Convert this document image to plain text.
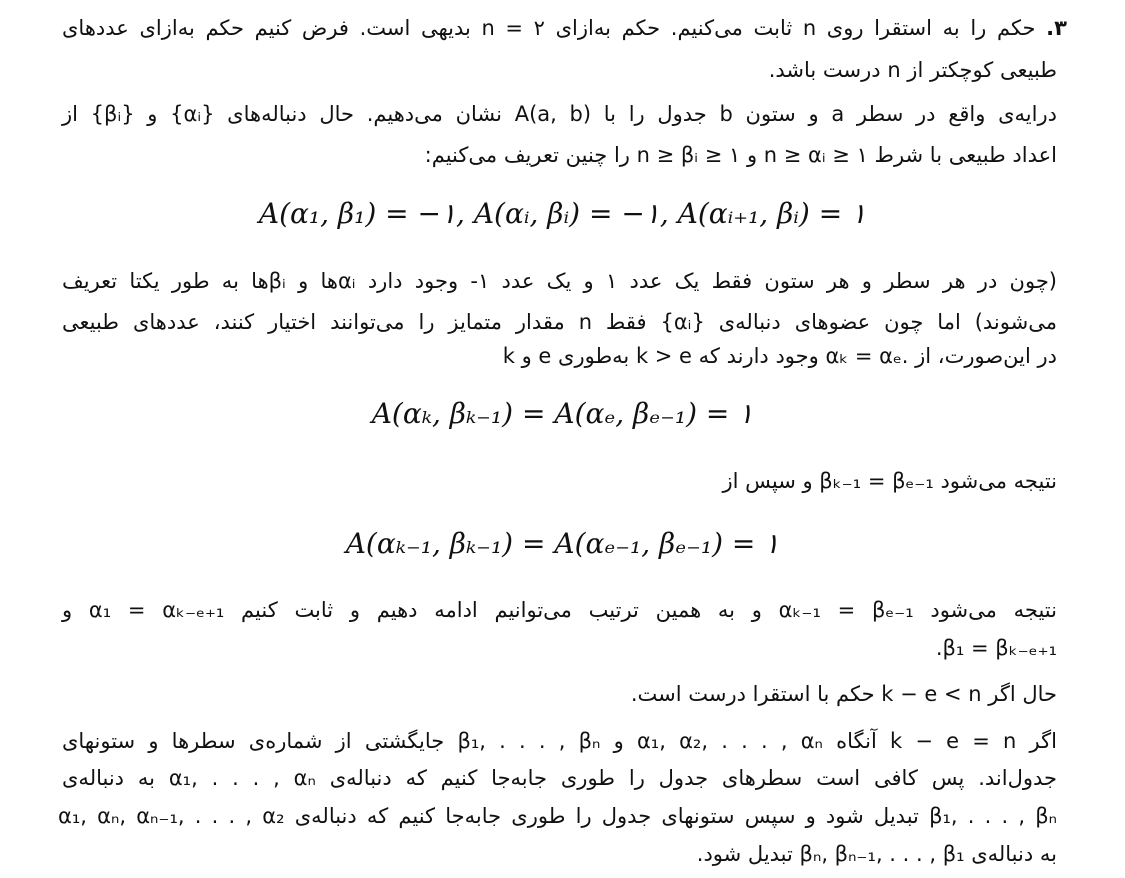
۳. حکم را به استقرا روی n ثابت می‌کنیم. حکم به‌ازای ۲ = n بدیهی است. فرض کنیم حکم به‌ازای عددهای
طبیعی کوچکتر از n درست باشد.
درایه‌ی واقع در سطر a و ستون b جدول را با A(a, b) نشان می‌دهیم. حال دنباله‌های {αᵢ} و {βᵢ} از
اعداد طبیعی با شرط n ≥ αᵢ ≥ ۱ و n ≥ βᵢ ≥ ۱ را چنین تعریف می‌کنیم:
A(α₁, β₁) = −۱, A(αᵢ, βᵢ) = −۱, A(αᵢ₊₁, βᵢ) = ۱
(چون در هر سطر و هر ستون فقط یک عدد ۱ و یک عدد ۱- وجود دارد αᵢها و βᵢها به طور یکتا تعریف
می‌شوند) اما چون عضوهای دنباله‌ی {αᵢ} فقط n مقدار متمایز را می‌توانند اختیار کنند، عددهای طبیعی
k و e به‌طوری k > e وجود دارند که αₖ = αₑ. در این‌صورت، از
A(αₖ, βₖ₋₁) = A(αₑ, βₑ₋₁) = ۱
نتیجه می‌شود βₖ₋₁ = βₑ₋₁ و سپس از
A(αₖ₋₁, βₖ₋₁) = A(αₑ₋₁, βₑ₋₁) = ۱
نتیجه می‌شود αₖ₋₁ = βₑ₋₁ و به همین ترتیب می‌توانیم ادامه دهیم و ثابت کنیم α₁ = αₖ₋ₑ₊₁ و
.β₁ = βₖ₋ₑ₊₁
حال اگر k − e < n حکم با استقرا درست است.
اگر k − e = n آنگاه α₁, α₂, . . . , αₙ و β₁, . . . , βₙ جایگشتی از شماره‌ی سطرها و ستونهای
جدول‌اند. پس کافی است سطرهای جدول را طوری جابه‌جا کنیم که دنباله‌ی α₁, . . . , αₙ به دنباله‌ی
α₁, αₙ, αₙ₋₁, . . . , α₂ تبدیل شود و سپس ستونهای جدول را طوری جابه‌جا کنیم که دنباله‌ی β₁, . . . , βₙ
به دنباله‌ی βₙ, βₙ₋₁, . . . , β₁ تبدیل شود.
